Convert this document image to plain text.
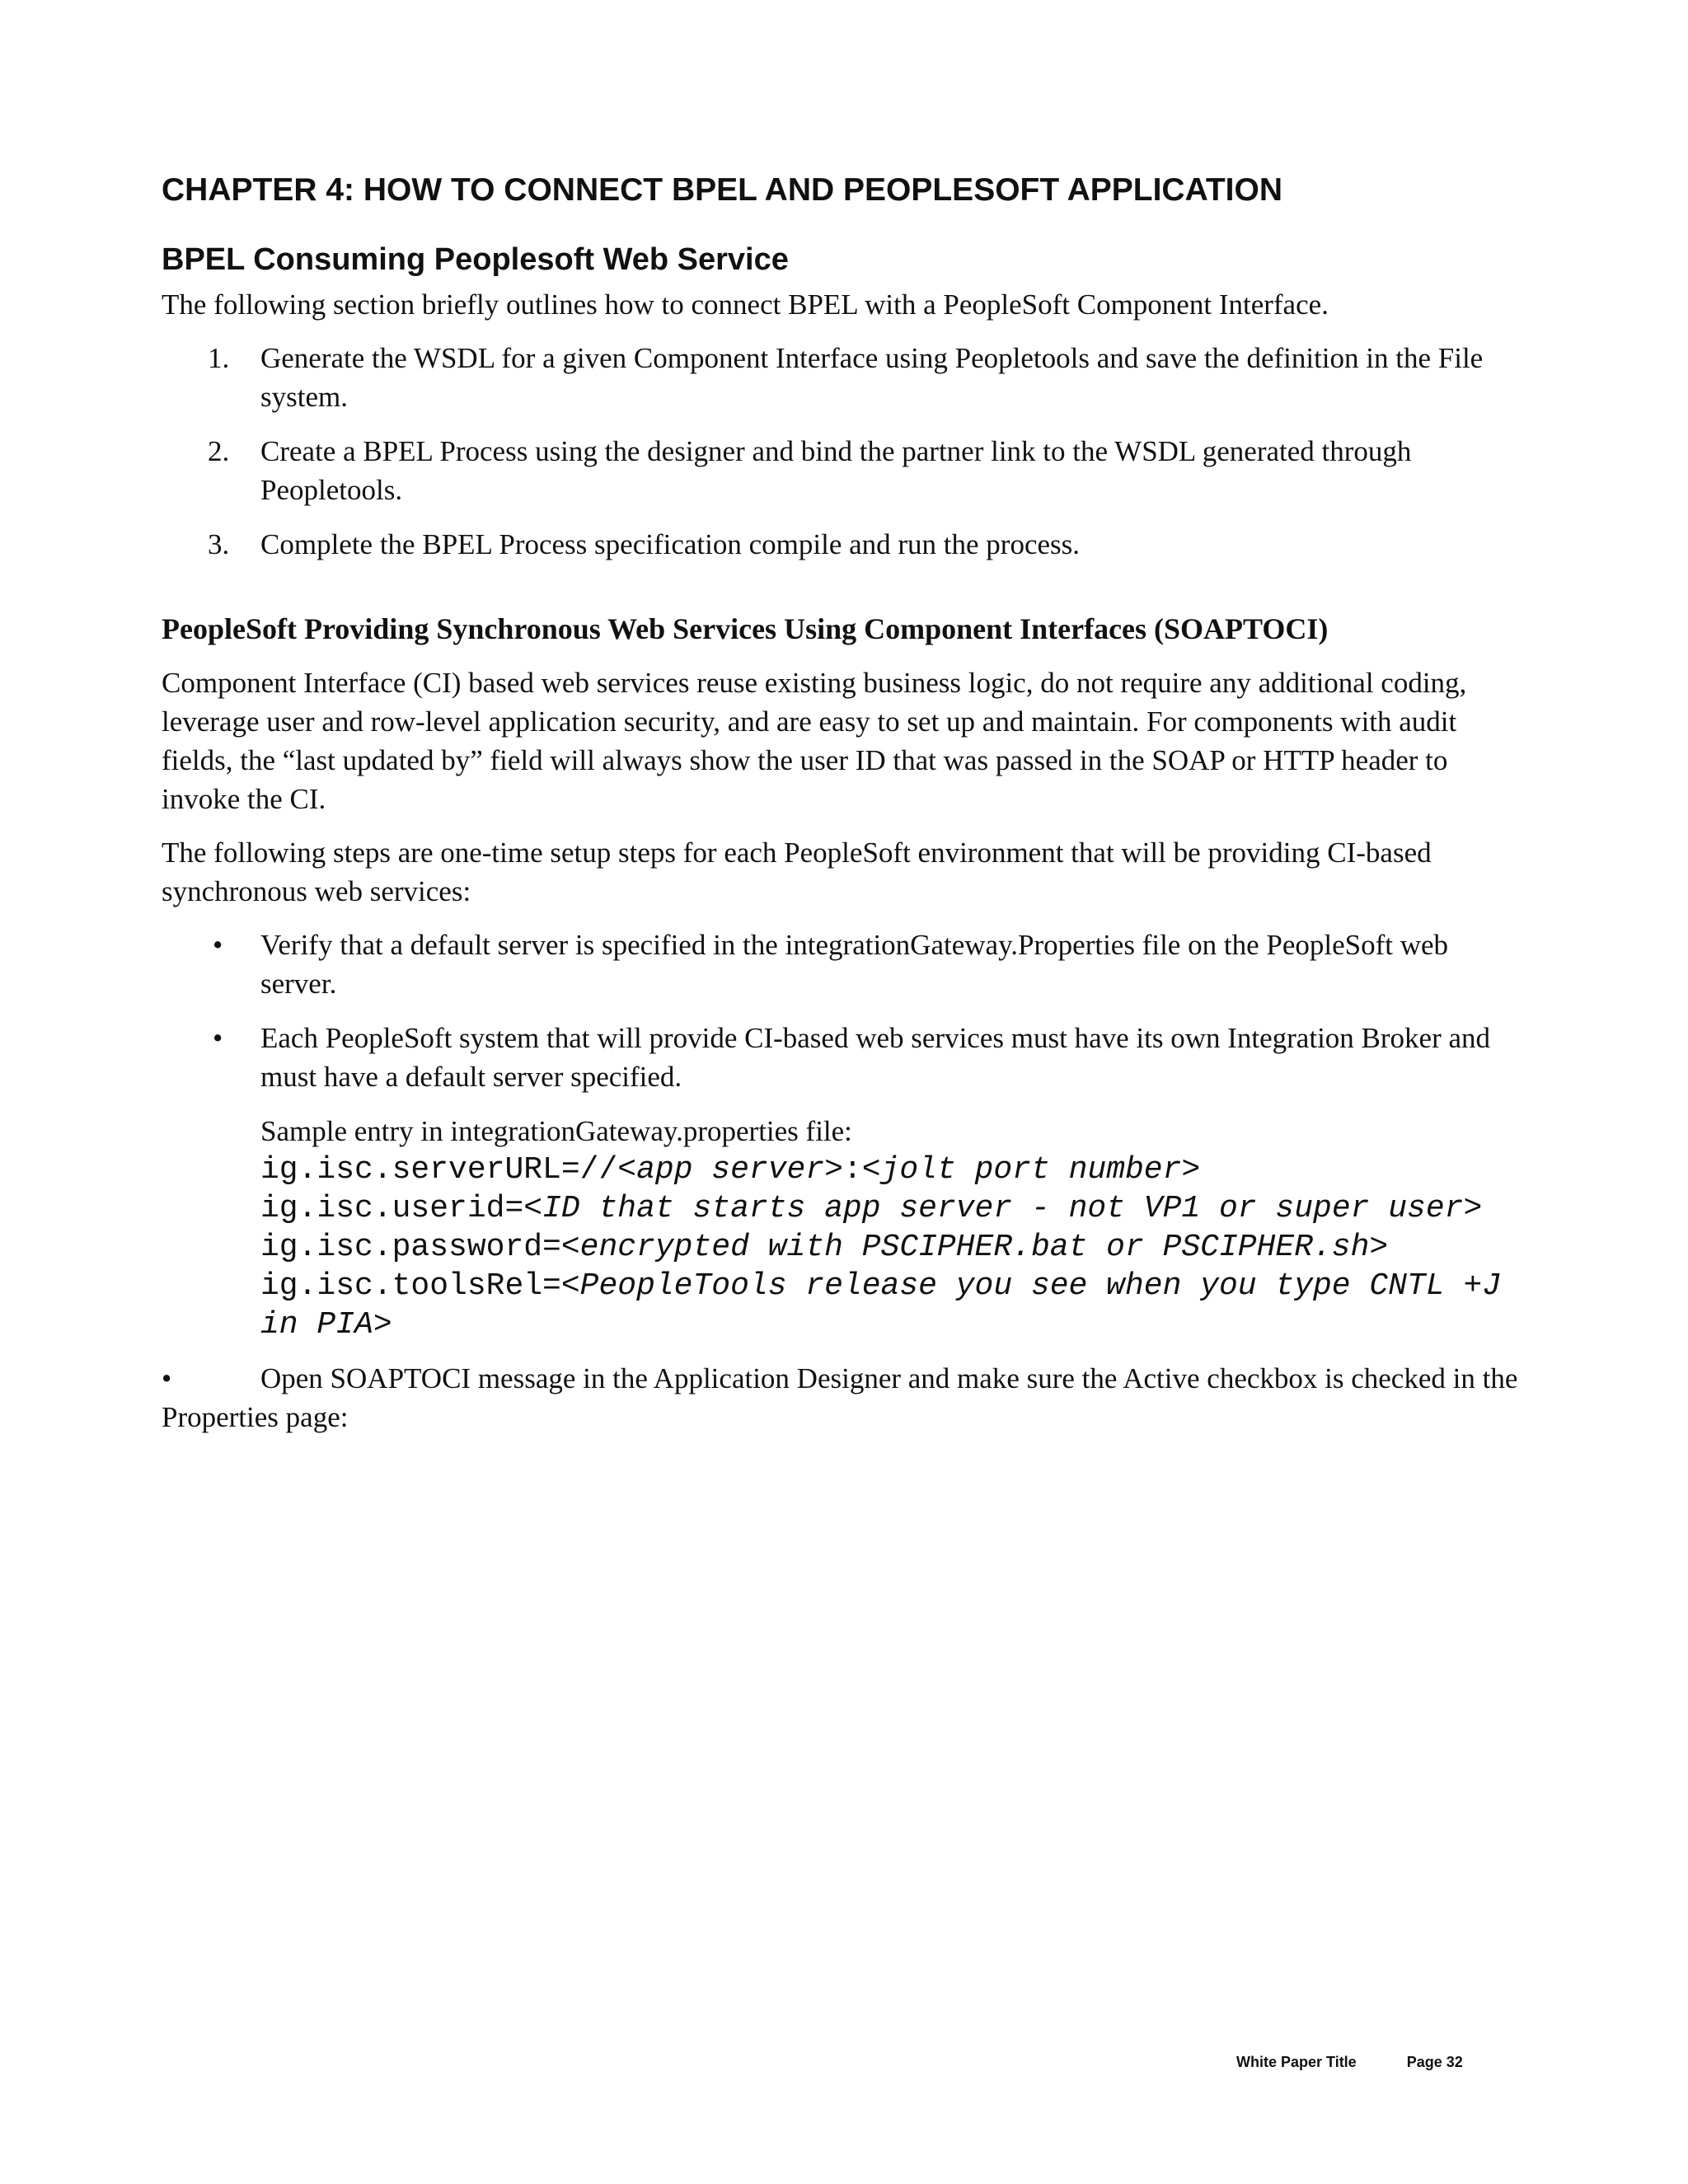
CHAPTER 4: HOW TO CONNECT BPEL AND PEOPLESOFT APPLICATION
BPEL Consuming Peoplesoft Web Service

The following section briefly outlines how to connect BPEL with a PeopleSoft Component Interface.

1. Generate the WSDL for a given Component Interface using Peopletools and save the definition in the File system.
2. Create a BPEL Process using the designer and bind the partner link to the WSDL generated through Peopletools.
3. Complete the BPEL Process specification compile and run the process.
PeopleSoft Providing Synchronous Web Services Using Component Interfaces (SOAPTOCI)

Component Interface (CI) based web services reuse existing business logic, do not require any additional coding, leverage user and row-level application security, and are easy to set up and maintain. For components with audit fields, the “last updated by” field will always show the user ID that was passed in the SOAP or HTTP header to invoke the CI.

The following steps are one-time setup steps for each PeopleSoft environment that will be providing CI-based synchronous web services:

• Verify that a default server is specified in the integrationGateway.Properties file on the PeopleSoft web server.
• Each PeopleSoft system that will provide CI-based web services must have its own Integration Broker and must have a default server specified.
Sample entry in integrationGateway.properties file:
ig.isc.serverURL=//<app server>:<jolt port number>
ig.isc.userid=<ID that starts app server - not VP1 or super user>
ig.isc.password=<encrypted with PSCIPHER.bat or PSCIPHER.sh>
ig.isc.toolsRel=<PeopleTools release you see when you type CNTL +J in PIA>

•	Open SOAPTOCI message in the Application Designer and make sure the Active checkbox is checked in the Properties page:

White Paper Title	Page 32
